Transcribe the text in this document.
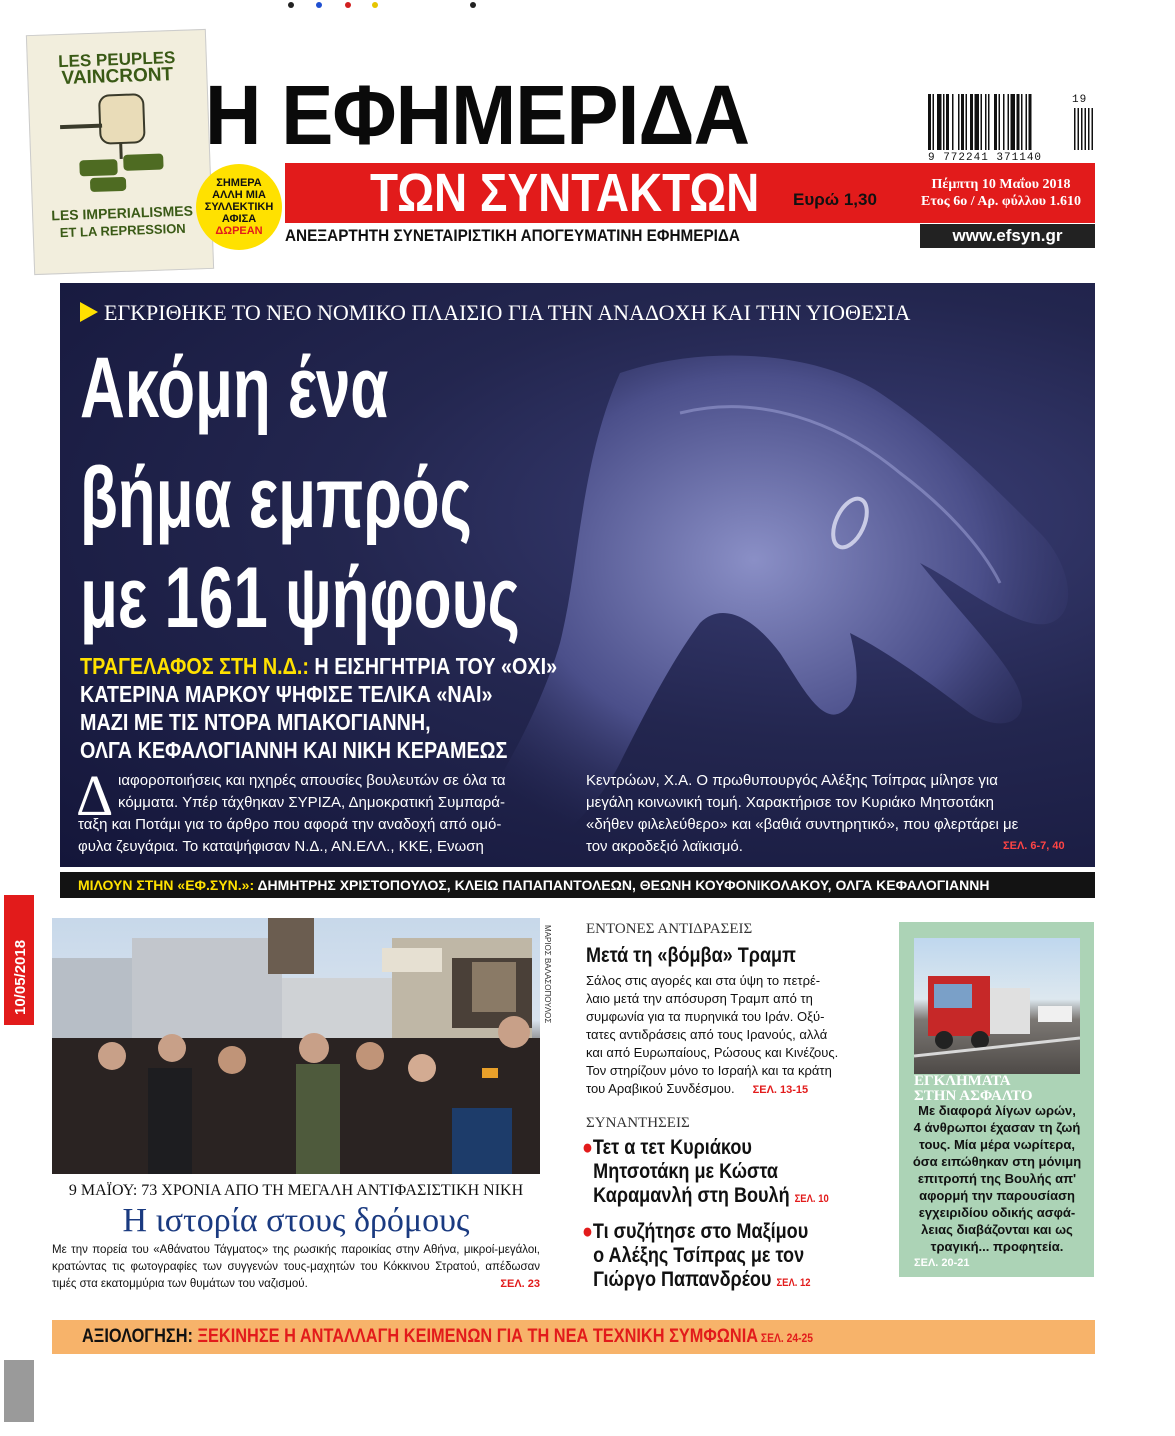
LES PEUPLES
VAINCRONT
LES IMPERIALISMES
ET LA REPRESSION
ΣΗΜΕΡΑ
ΑΛΛΗ ΜΙΑ
ΣΥΛΛΕΚΤΙΚΗ
ΑΦΙΣΑ
ΔΩΡΕΑΝ
Η ΕΦΗΜΕΡΙΔΑ
ΤΩΝ ΣΥΝΤΑΚΤΩΝ Ευρώ 1,30
Πέμπτη 10 Μαΐου 2018
Ετος 6ο / Αρ. φύλλου 1.610
ΑΝΕΞΑΡΤΗΤΗ ΣΥΝΕΤΑΙΡΙΣΤΙΚΗ ΑΠΟΓΕΥΜΑΤΙΝΗ ΕΦΗΜΕΡΙΔΑ	www.efsyn.gr
9 772241 371140
19
ΕΓΚΡΙΘΗΚΕ ΤΟ ΝΕΟ ΝΟΜΙΚΟ ΠΛΑΙΣΙΟ ΓΙΑ ΤΗΝ ΑΝΑΔΟΧΗ ΚΑΙ ΤΗΝ ΥΙΟΘΕΣΙΑ
Ακόμη ένα
βήμα εμπρός
με 161 ψήφους
ΤΡΑΓΕΛΑΦΟΣ ΣΤΗ Ν.Δ.: Η ΕΙΣΗΓΗΤΡΙΑ ΤΟΥ «ΟΧΙ»
ΚΑΤΕΡΙΝΑ ΜΑΡΚΟΥ ΨΗΦΙΣΕ ΤΕΛΙΚΑ «ΝΑΙ»
ΜΑΖΙ ΜΕ ΤΙΣ ΝΤΟΡΑ ΜΠΑΚΟΓΙΑΝΝΗ,
ΟΛΓΑ ΚΕΦΑΛΟΓΙΑΝΝΗ ΚΑΙ ΝΙΚΗ ΚΕΡΑΜΕΩΣ
Δ ιαφοροποιήσεις και ηχηρές απουσίες βουλευτών σε όλα τα
κόμματα. Υπέρ τάχθηκαν ΣΥΡΙΖΑ, Δημοκρατική Συμπαρά-
ταξη και Ποτάμι για το άρθρο που αφορά την αναδοχή από ομό-
φυλα ζευγάρια. Το καταψήφισαν Ν.Δ., ΑΝ.ΕΛΛ., ΚΚΕ, Ενωση
Κεντρώων, Χ.Α. Ο πρωθυπουργός Αλέξης Τσίπρας μίλησε για
μεγάλη κοινωνική τομή. Χαρακτήρισε τον Κυριάκο Μητσοτάκη
«δήθεν φιλελεύθερο» και «βαθιά συντηρητικό», που φλερτάρει με
τον ακροδεξιό λαϊκισμό.	ΣΕΛ. 6-7, 40
ΜΙΛΟΥΝ ΣΤΗΝ «ΕΦ.ΣΥΝ.»: ΔΗΜΗΤΡΗΣ ΧΡΙΣΤΟΠΟΥΛΟΣ, ΚΛΕΙΩ ΠΑΠΑΠΑΝΤΟΛΕΩΝ, ΘΕΩΝΗ ΚΟΥΦΟΝΙΚΟΛΑΚΟΥ, ΟΛΓΑ ΚΕΦΑΛΟΓΙΑΝΝΗ
10/05/2018	ΜΑΡΙΟΣ ΒΑΛΑΣΟΠΟΥΛΟΣ
9 ΜΑΪΟΥ: 73 ΧΡΟΝΙΑ ΑΠΟ ΤΗ ΜΕΓΑΛΗ ΑΝΤΙΦΑΣΙΣΤΙΚΗ ΝΙΚΗ
Η ιστορία στους δρόμους
Με την πορεία του «Αθάνατου Τάγματος» της ρωσικής παροικίας στην Αθήνα, μικροί-μεγάλοι, κρατώντας τις φωτογραφίες των συγγενών τους-μαχητών του Κόκκινου Στρατού, απέδωσαν τιμές στα εκατομμύρια των θυμάτων του ναζισμού.	ΣΕΛ. 23
ΕΝΤΟΝΕΣ ΑΝΤΙΔΡΑΣΕΙΣ
Μετά τη «βόμβα» Τραμπ
Σάλος στις αγορές και στα ύψη το πετρέ-
λαιο μετά την απόσυρση Τραμπ από τη
συμφωνία για τα πυρηνικά του Ιράν. Οξύ-
τατες αντιδράσεις από τους Ιρανούς, αλλά
και από Ευρωπαίους, Ρώσους και Κινέζους.
Τον στηρίζουν μόνο το Ισραήλ και τα κράτη
του Αραβικού Συνδέσμου. ΣΕΛ. 13-15
ΣΥΝΑΝΤΗΣΕΙΣ
●Τετ α τετ Κυριάκου
Μητσοτάκη με Κώστα
Καραμανλή στη Βουλή ΣΕΛ. 10
●Τι συζήτησε στο Μαξίμου
ο Αλέξης Τσίπρας με τον
Γιώργο Παπανδρέου ΣΕΛ. 12
ΕΓΚΛΗΜΑΤΑ
ΣΤΗΝ ΑΣΦΑΛΤΟ
Με διαφορά λίγων ωρών,
4 άνθρωποι έχασαν τη ζωή
τους. Μία μέρα νωρίτερα,
όσα ειπώθηκαν στη μόνιμη
επιτροπή της Βουλής απ'
αφορμή την παρουσίαση
εγχειριδίου οδικής ασφά-
λειας διαβάζονται και ως
τραγική... προφητεία.
ΣΕΛ. 20-21
ΑΞΙΟΛΟΓΗΣΗ: ΞΕΚΙΝΗΣΕ Η ΑΝΤΑΛΛΑΓΗ ΚΕΙΜΕΝΩΝ ΓΙΑ ΤΗ ΝΕΑ ΤΕΧΝΙΚΗ ΣΥΜΦΩΝΙΑ ΣΕΛ. 24-25
